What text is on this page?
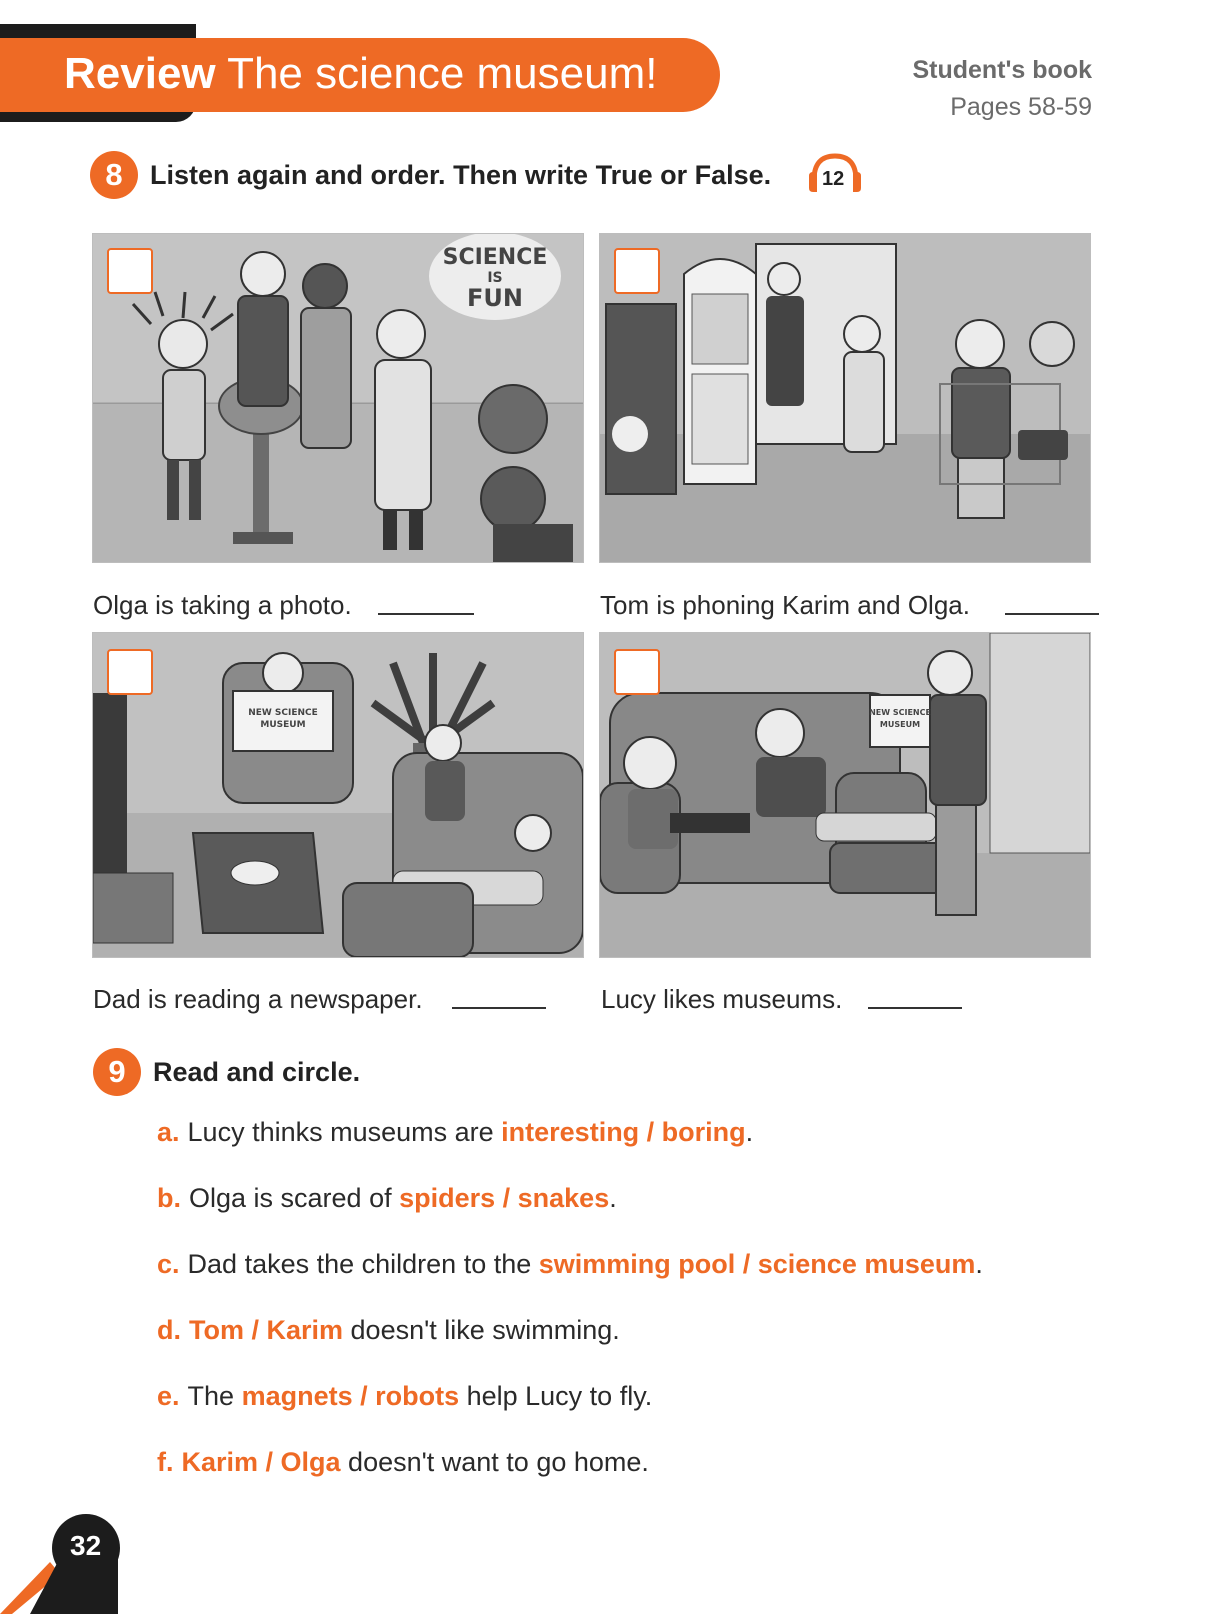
Review The science museum!	Student's book
Pages 58-59
8	Listen again and order. Then write True or False.	12
SCIENCE
IS
FUN
Olga is taking a photo.	Tom is phoning Karim and Olga.
NEW SCIENCE
MUSEUM
NEW SCIENCE
MUSEUM
Dad is reading a newspaper.	Lucy likes museums.
9	Read and circle.
a. Lucy thinks museums are interesting / boring.
b. Olga is scared of spiders / snakes.
c. Dad takes the children to the swimming pool / science museum.
d. Tom / Karim doesn't like swimming.
e. The magnets / robots help Lucy to fly.
f. Karim / Olga doesn't want to go home.
32
